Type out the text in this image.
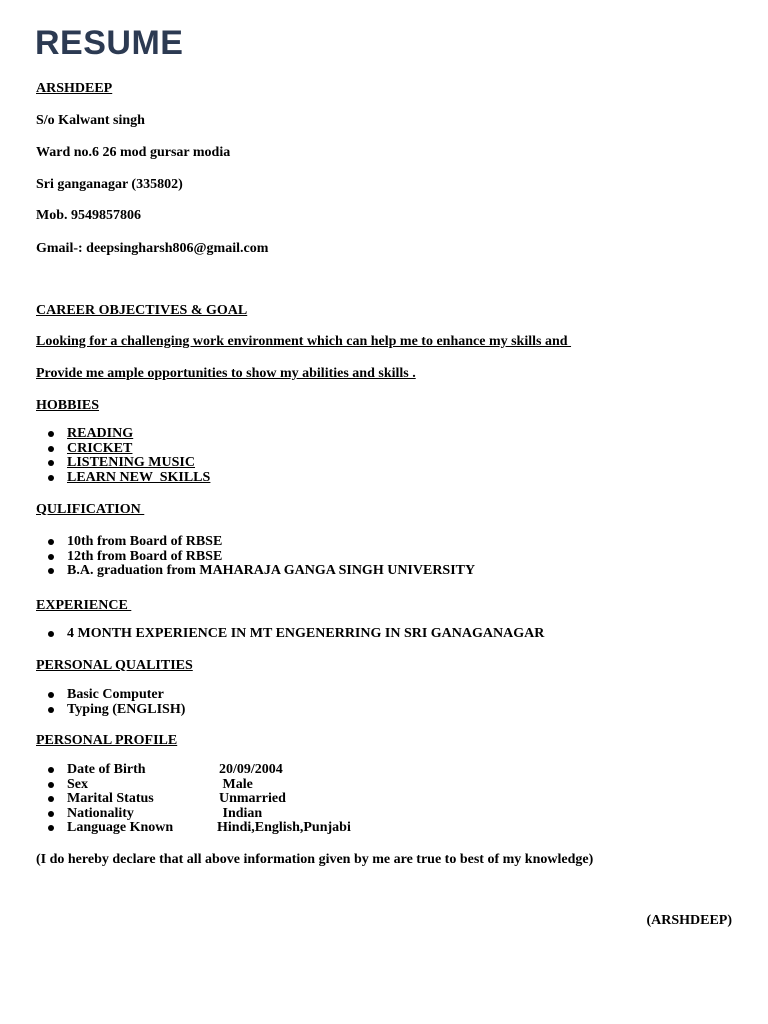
RESUME
ARSHDEEP
S/o Kalwant singh
Ward no.6 26 mod gursar modia
Sri ganganagar (335802)
Mob. 9549857806
Gmail-: deepsingharsh806@gmail.com
CAREER OBJECTIVES & GOAL
Looking for a challenging work environment which can help me to enhance my skills and
Provide me ample opportunities to show my abilities and skills .
HOBBIES
READING
CRICKET
LISTENING MUSIC
LEARN NEW  SKILLS
QULIFICATION
10th from Board of RBSE
12th from Board of RBSE
B.A. graduation from MAHARAJA GANGA SINGH UNIVERSITY
EXPERIENCE
4 MONTH EXPERIENCE IN MT ENGENERRING IN SRI GANAGANAGAR
PERSONAL QUALITIES
Basic Computer
Typing (ENGLISH)
PERSONAL PROFILE
Date of Birth	20/09/2004
Sex	Male
Marital Status	Unmarried
Nationality	Indian
Language Known	Hindi,English,Punjabi
(I do hereby declare that all above information given by me are true to best of my knowledge)
(ARSHDEEP)
